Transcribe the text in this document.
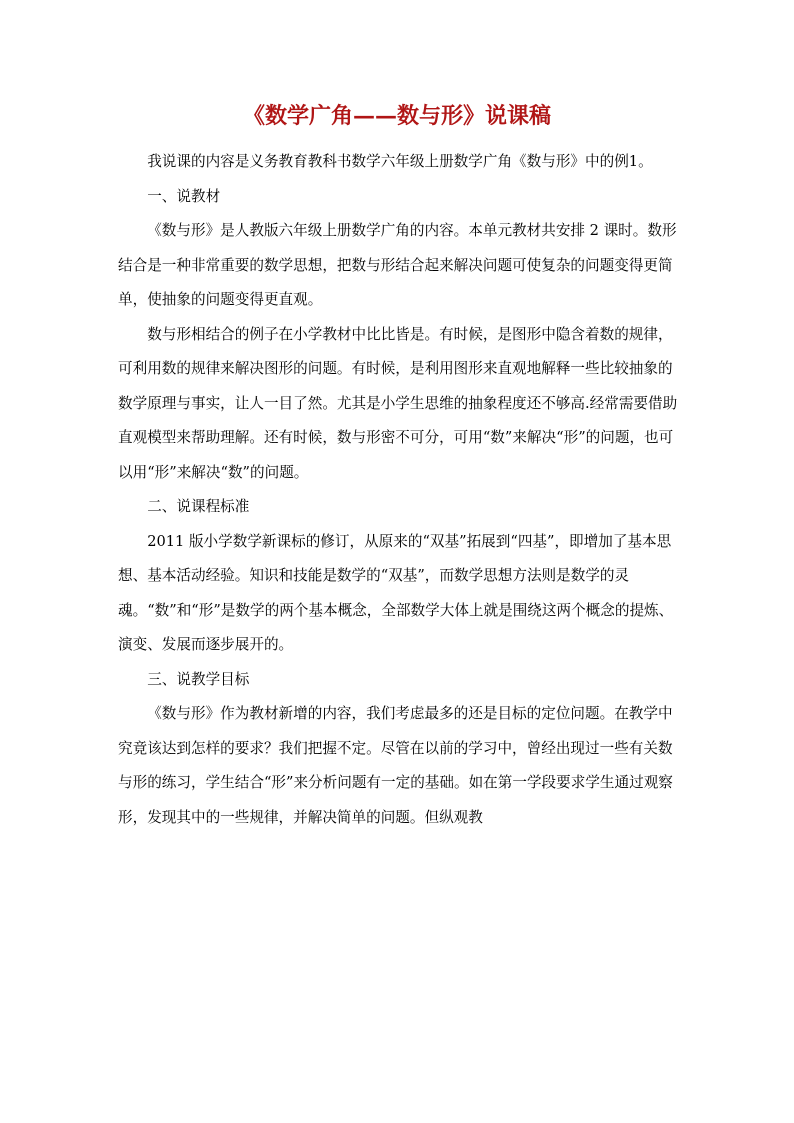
《数学广角——数与形》说课稿

我说课的内容是义务教育教科书数学六年级上册数学广角《数与形》中的例1。

一、说教材

《数与形》是人教版六年级上册数学广角的内容。本单元教材共安排 2 课时。数形结合是一种非常重要的数学思想，把数与形结合起来解决问题可使复杂的问题变得更简单，使抽象的问题变得更直观。

数与形相结合的例子在小学教材中比比皆是。有时候，是图形中隐含着数的规律，可利用数的规律来解决图形的问题。有时候，是利用图形来直观地解释一些比较抽象的数学原理与事实，让人一目了然。尤其是小学生思维的抽象程度还不够高.经常需要借助直观模型来帮助理解。还有时候，数与形密不可分，可用“数”来解决“形”的问题，也可以用“形”来解决“数”的问题。

二、说课程标准

2011 版小学数学新课标的修订，从原来的“双基”拓展到“四基”，即增加了基本思想、基本活动经验。知识和技能是数学的“双基”，而数学思想方法则是数学的灵魂。“数”和“形”是数学的两个基本概念，全部数学大体上就是围绕这两个概念的提炼、演变、发展而逐步展开的。

三、说教学目标

《数与形》作为教材新增的内容，我们考虑最多的还是目标的定位问题。在教学中究竟该达到怎样的要求？我们把握不定。尽管在以前的学习中，曾经出现过一些有关数与形的练习，学生结合“形”来分析问题有一定的基础。如在第一学段要求学生通过观察形，发现其中的一些规律，并解决简单的问题。但纵观教
